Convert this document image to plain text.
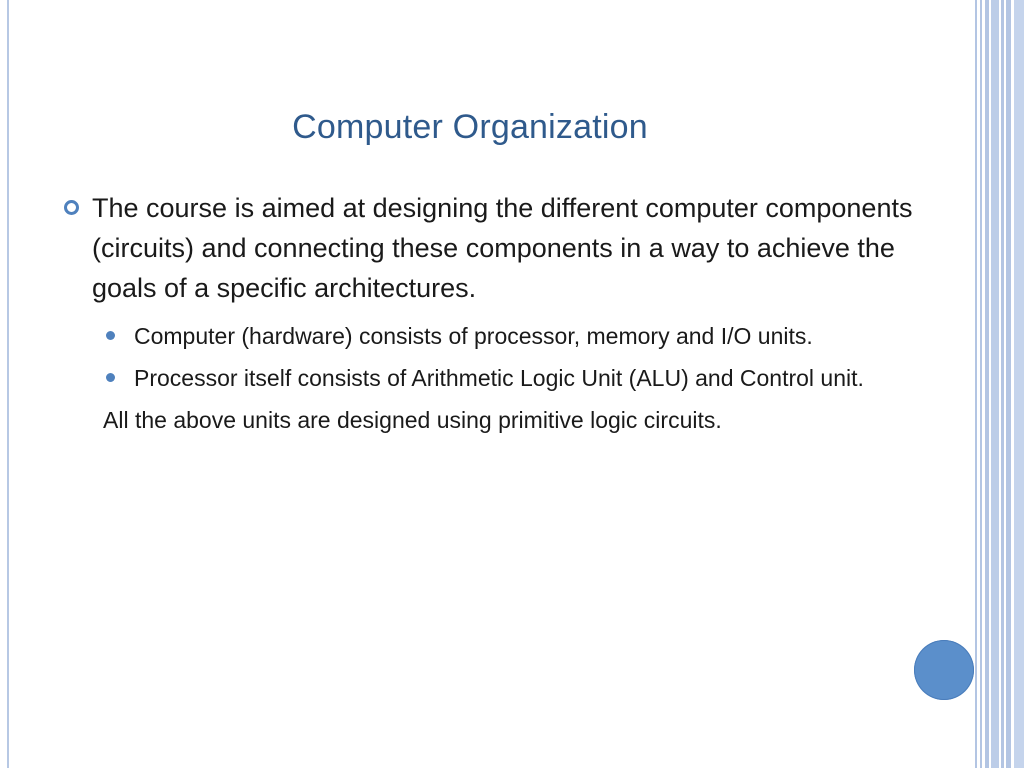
Computer Organization
The course is aimed at designing the different computer components (circuits) and connecting these components in a way to achieve the goals of a specific architectures.
Computer (hardware) consists of processor, memory and I/O units.
Processor itself consists of Arithmetic Logic Unit (ALU) and Control unit.
All the above units are designed using primitive logic circuits.
